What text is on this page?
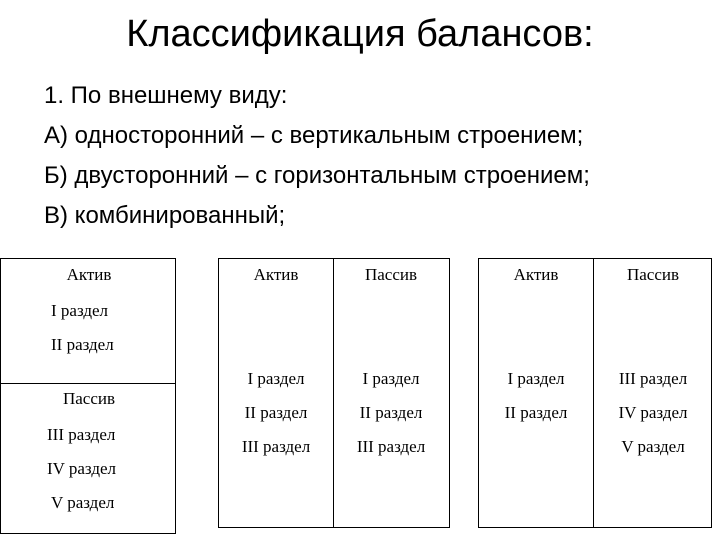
Классификация балансов:
1. По внешнему виду:
А) односторонний – с вертикальным строением;
Б) двусторонний – с горизонтальным строением;
В) комбинированный;
Актив
I раздел
II раздел
Пассив
III раздел
IV раздел
V раздел
Актив	Пассив
I раздел
II раздел
III раздел
I раздел
II раздел
III раздел
Актив	Пассив
I раздел
II раздел
III раздел
IV раздел
V раздел
